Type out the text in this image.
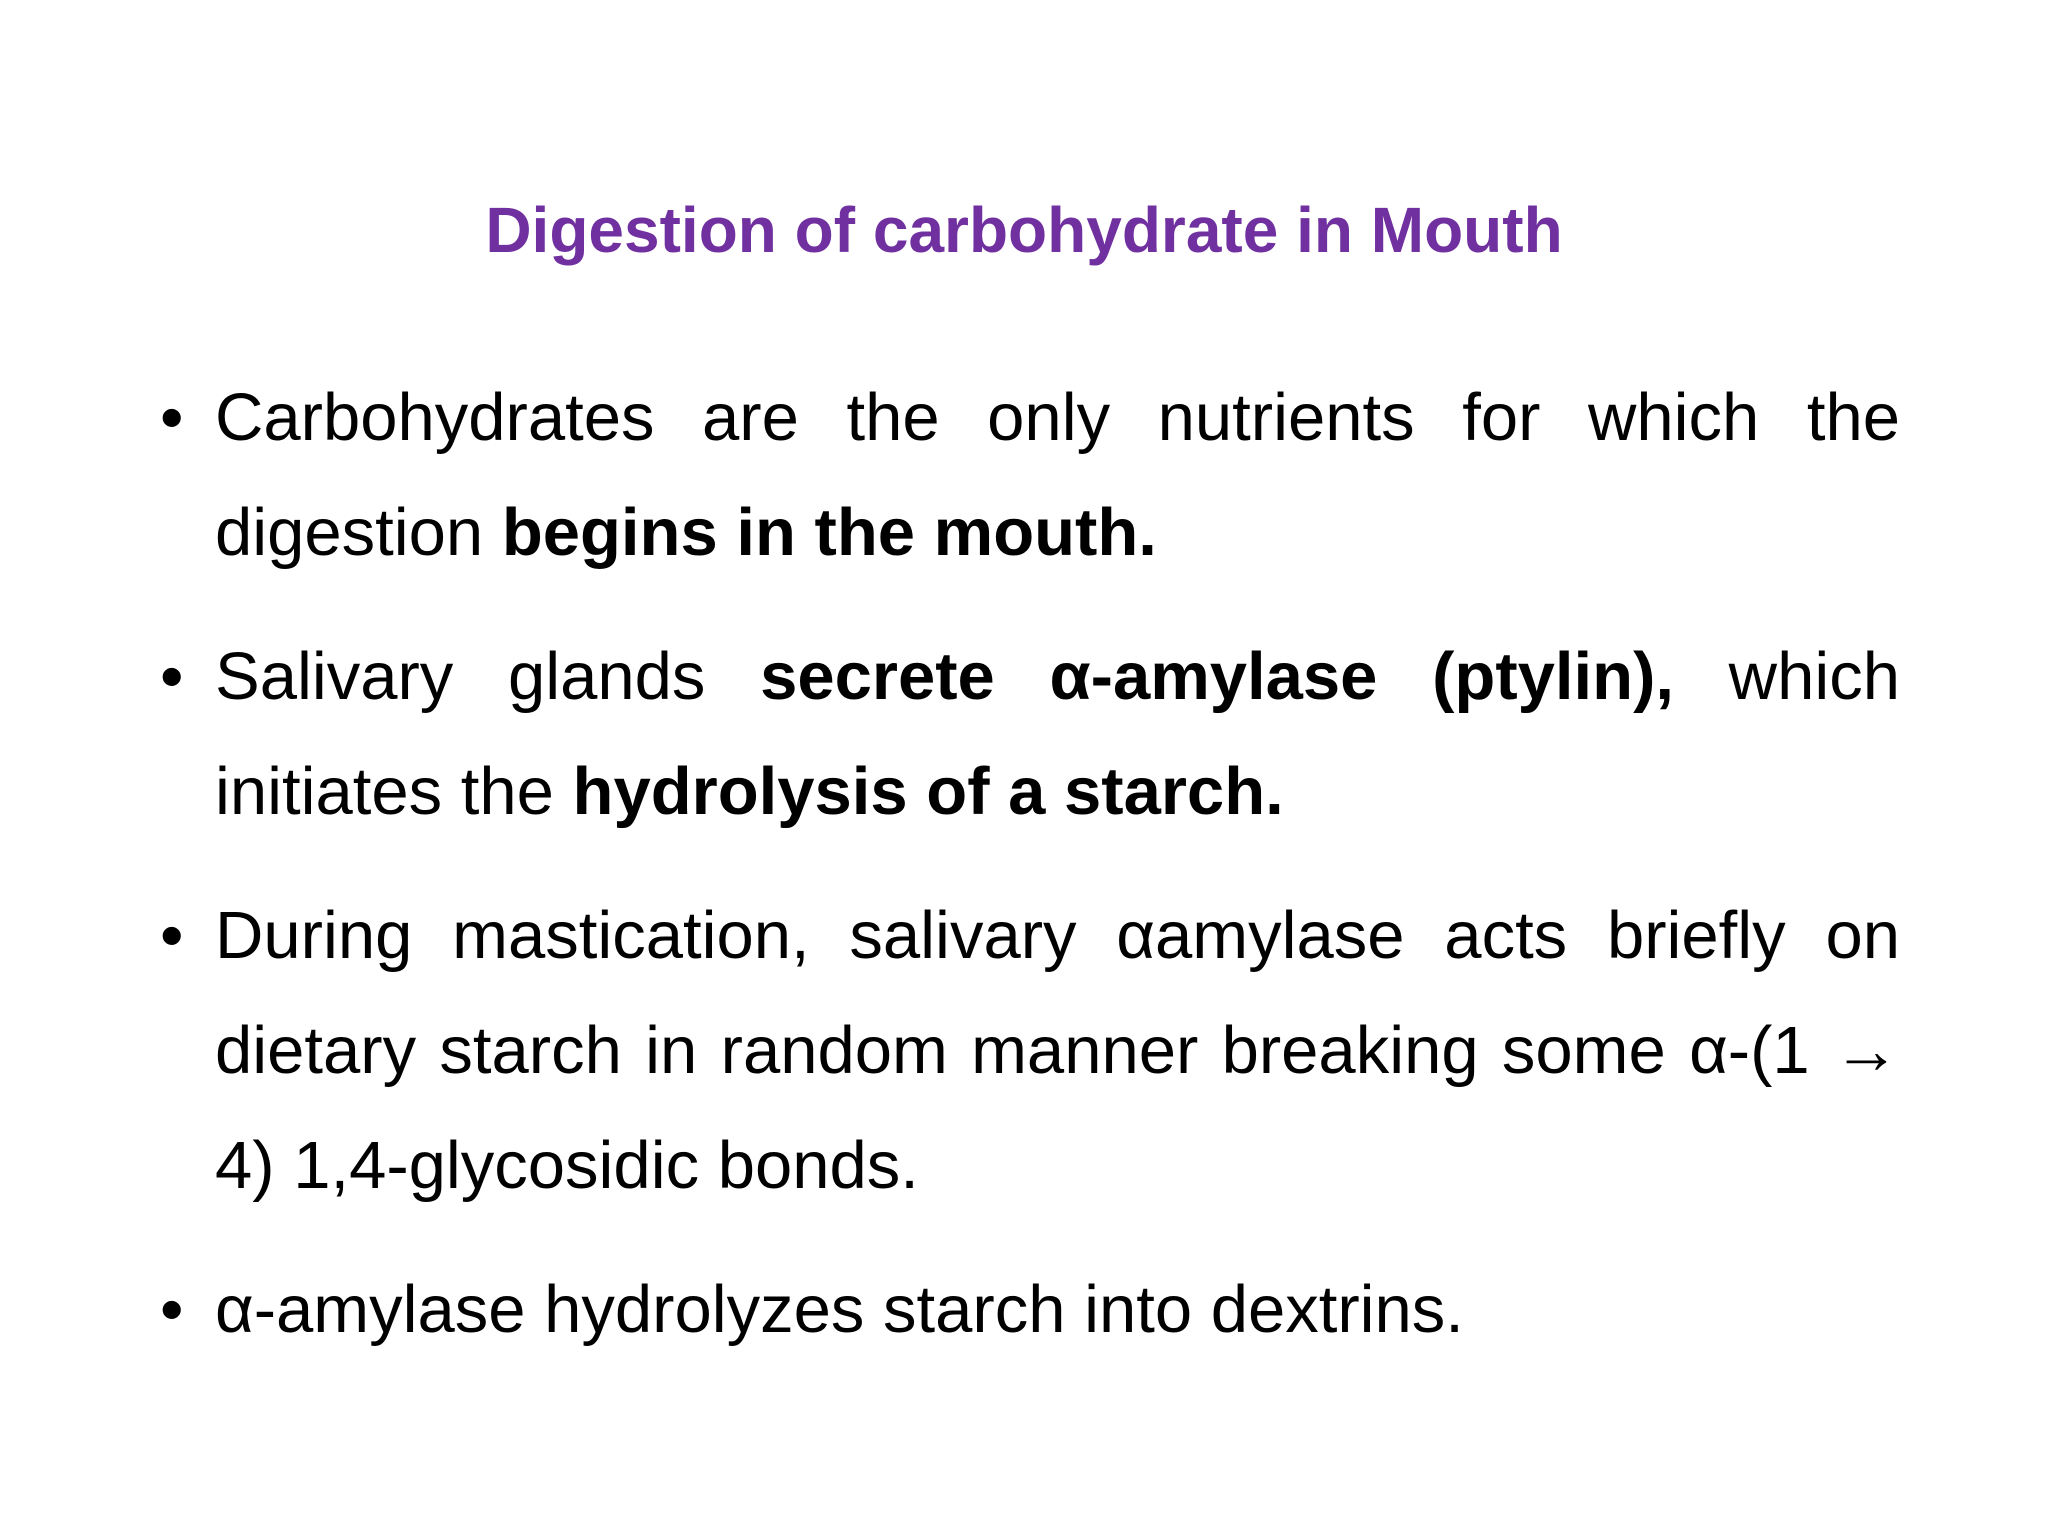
Digestion of carbohydrate in Mouth
• Carbohydrates are the only nutrients for which the digestion begins in the mouth.
• Salivary glands secrete α-amylase (ptylin), which initiates the hydrolysis of a starch.
• During mastication, salivary αamylase acts briefly on dietary starch in random manner breaking some α-(1 → 4) 1,4-glycosidic bonds.
• α-amylase hydrolyzes starch into dextrins.
